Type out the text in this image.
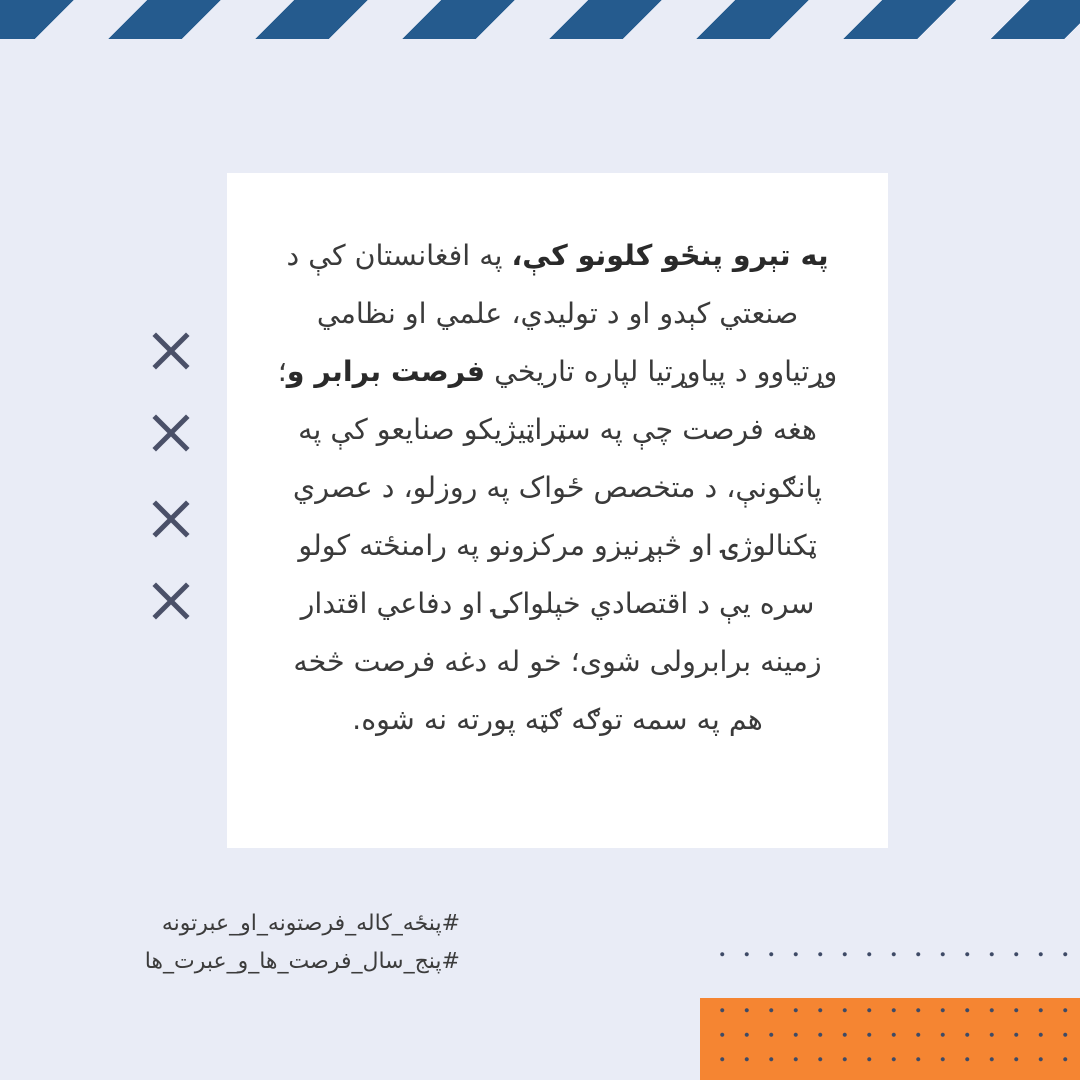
په تېرو پنځو کلونو کې، په افغانستان کې د صنعتي کېدو او د توليدي، علمي او نظامي وړتياوو د پياوړتيا لپاره تاريخي فرصت برابر و؛ هغه فرصت چې په سټراټيژيکو صنايعو کې په پانګونې، د متخصص ځواک په روزلو، د عصري ټکنالوژۍ او څېړنيزو مرکزونو په رامنځته کولو سره يې د اقتصادي خپلواکۍ او دفاعي اقتدار زمينه برابرولی شوی؛ خو له دغه فرصت څخه هم په سمه توګه ګټه پورته نه شوه.
#پنځه_کاله_فرصتونه_او_عبرتونه
#پنج_سال_فرصت_ها_و_عبرت_ها
